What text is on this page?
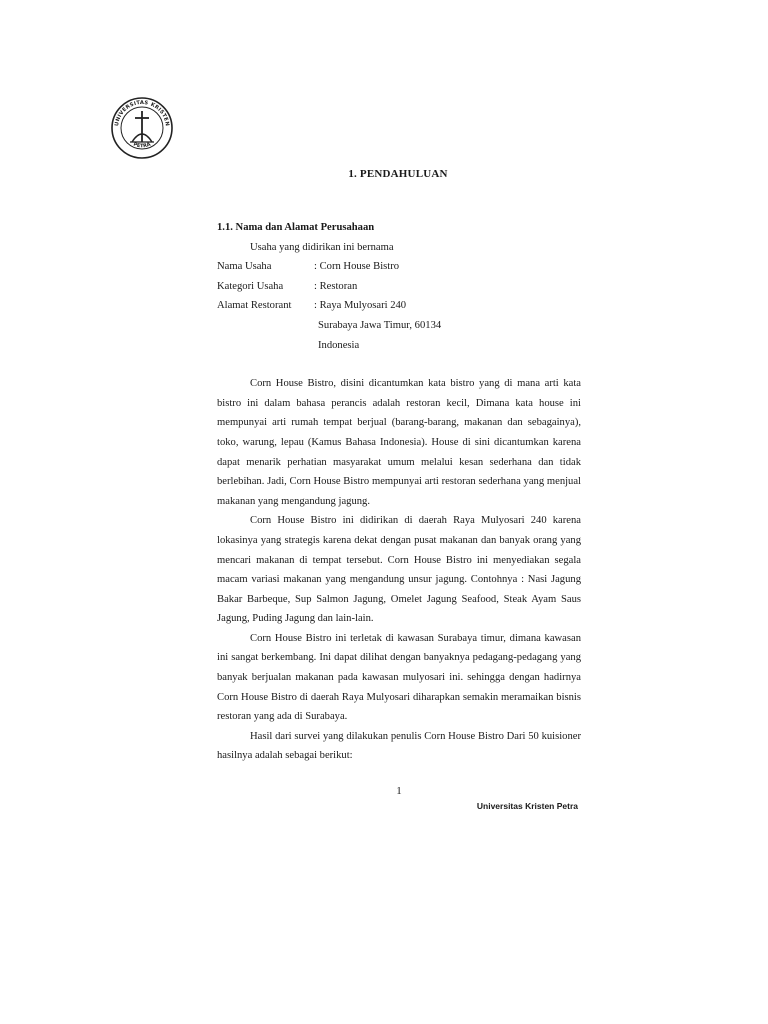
UNIVERSITAS KRISTEN
PETRA
1. PENDAHULUAN

1.1. Nama dan Alamat Perusahaan

Usaha yang didirikan ini bernama

Nama Usaha	: Corn House Bistro
Kategori Usaha	: Restoran
Alamat Restorant	: Raya Mulyosari 240

Surabaya Jawa Timur, 60134

Indonesia

Corn House Bistro, disini dicantumkan kata bistro yang di mana arti kata bistro ini dalam bahasa perancis adalah restoran kecil, Dimana kata house ini mempunyai arti rumah tempat berjual (barang-barang, makanan dan sebagainya), toko, warung, lepau (Kamus Bahasa Indonesia). House di sini dicantumkan karena dapat menarik perhatian masyarakat umum melalui kesan sederhana dan tidak berlebihan. Jadi, Corn House Bistro mempunyai arti restoran sederhana yang menjual makanan yang mengandung jagung.

Corn House Bistro ini didirikan di daerah Raya Mulyosari 240 karena lokasinya yang strategis karena dekat dengan pusat makanan dan banyak orang yang mencari makanan di tempat tersebut. Corn House Bistro ini menyediakan segala macam variasi makanan yang mengandung unsur jagung. Contohnya : Nasi Jagung Bakar Barbeque, Sup Salmon Jagung, Omelet Jagung Seafood, Steak Ayam Saus Jagung, Puding Jagung dan lain-lain.

Corn House Bistro ini terletak di kawasan Surabaya timur, dimana kawasan ini sangat berkembang. Ini dapat dilihat dengan banyaknya pedagang-pedagang yang banyak berjualan makanan pada kawasan mulyosari ini. sehingga dengan hadirnya Corn House Bistro di daerah Raya Mulyosari diharapkan semakin meramaikan bisnis restoran yang ada di Surabaya.

Hasil dari survei yang dilakukan penulis Corn House Bistro Dari 50 kuisioner hasilnya adalah sebagai berikut:

1
Universitas Kristen Petra
